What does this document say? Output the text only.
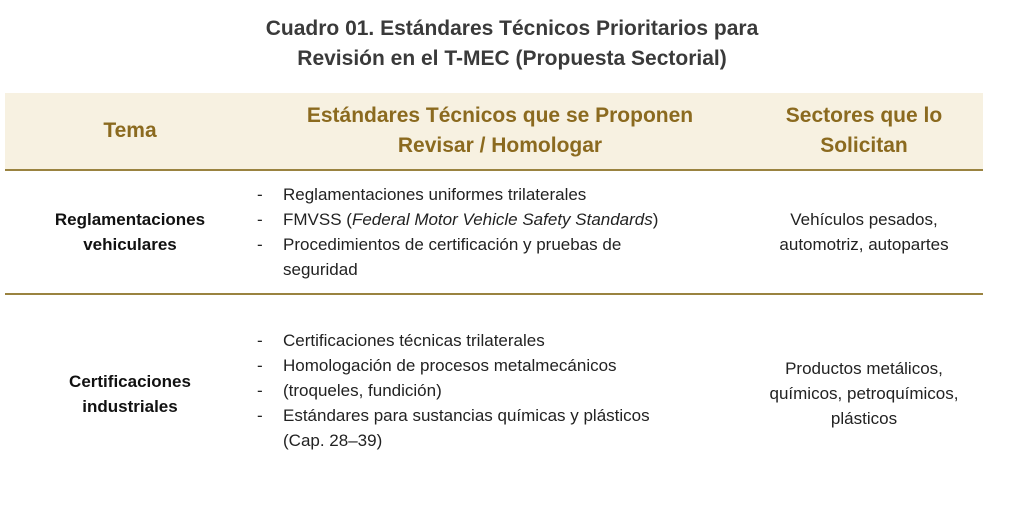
Cuadro 01. Estándares Técnicos Prioritarios para
Revisión en el T-MEC (Propuesta Sectorial)
Tema
Estándares Técnicos que se Proponen
Revisar / Homologar
Sectores que lo
Solicitan
Reglamentaciones
vehiculares
- Reglamentaciones uniformes trilaterales
- FMVSS (Federal Motor Vehicle Safety Standards)
- Procedimientos de certificación y pruebas de
seguridad
Vehículos pesados,
automotriz, autopartes
Certificaciones
industriales
- Certificaciones técnicas trilaterales
- Homologación de procesos metalmecánicos
- (troqueles, fundición)
- Estándares para sustancias químicas y plásticos
(Cap. 28–39)
Productos metálicos,
químicos, petroquímicos,
plásticos
